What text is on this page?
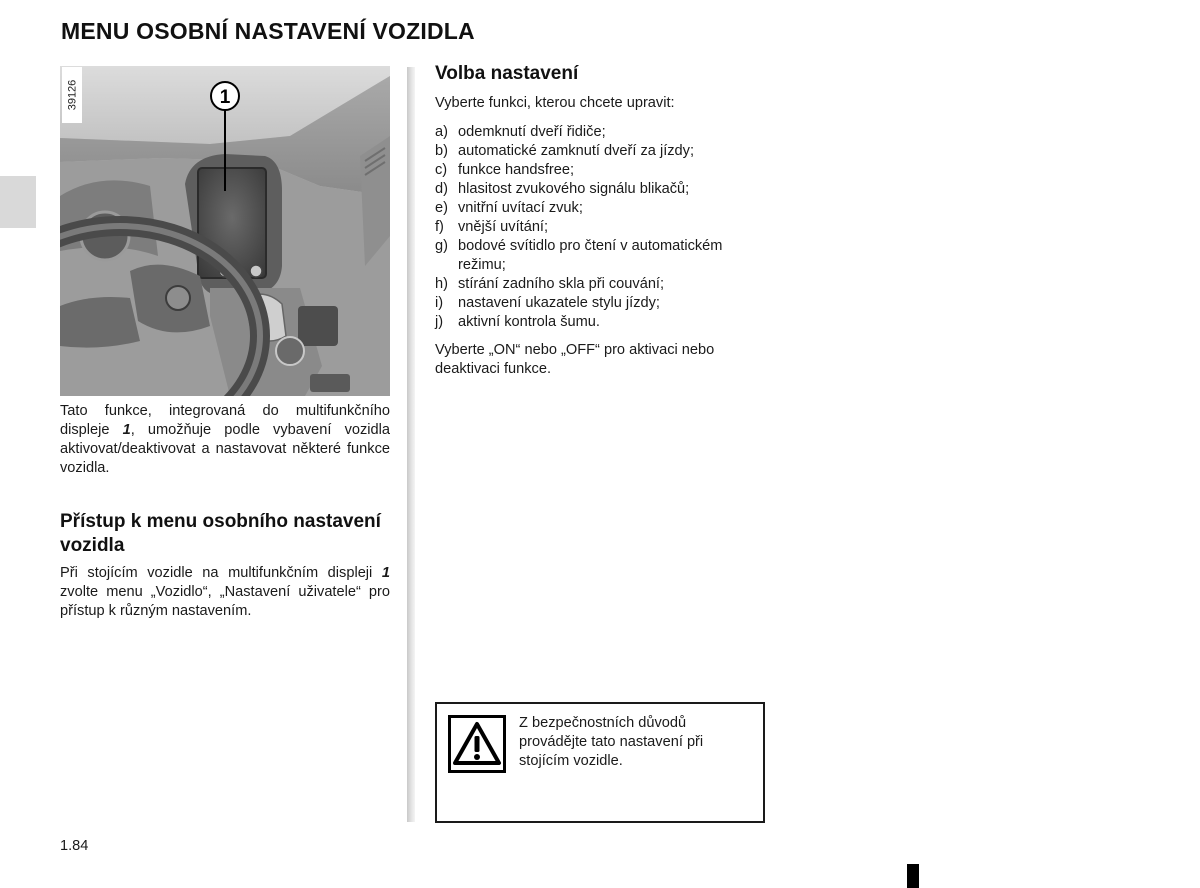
MENU OSOBNÍ NASTAVENÍ VOZIDLA
1
39126

Tato funkce, integrovaná do multifunkčního displeje 1, umožňuje podle vybavení vozidla aktivovat/deaktivovat a nastavovat některé funkce vozidla.

Přístup k menu osobního nastavení vozidla

Při stojícím vozidle na multifunkčním displeji 1 zvolte menu „Vozidlo“, „Nastavení uživatele“ pro přístup k různým nastavením.

Volba nastavení

Vyberte funkci, kterou chcete upravit:

a) odemknutí dveří řidiče;
b) automatické zamknutí dveří za jízdy;
c) funkce handsfree;
d) hlasitost zvukového signálu blikačů;
e) vnitřní uvítací zvuk;
f) vnější uvítání;
g) bodové svítidlo pro čtení v automatickém režimu;
h) stírání zadního skla při couvání;
i)	nastavení ukazatele stylu jízdy;
j)	aktivní kontrola šumu.

Vyberte „ON“ nebo „OFF“ pro aktivaci nebo deaktivaci funkce.

Z bezpečnostních důvodů provádějte tato nastavení při stojícím vozidle.

1.84
